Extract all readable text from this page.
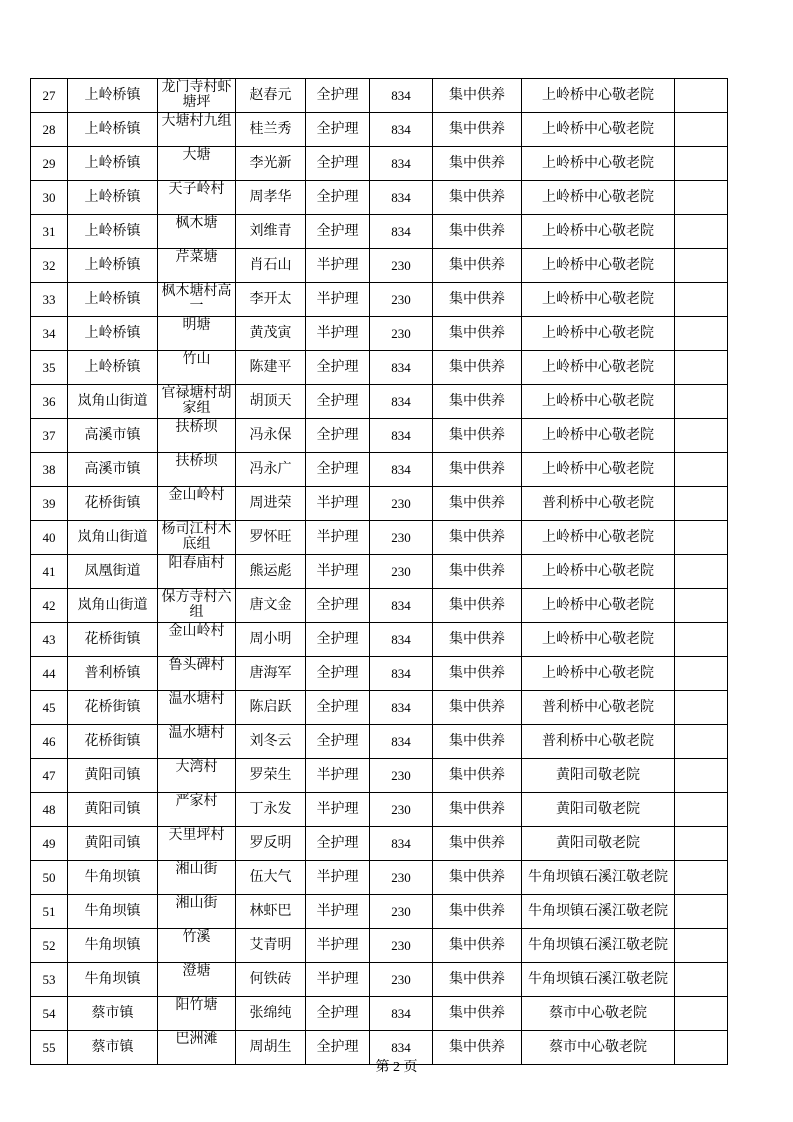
27	上岭桥镇	龙门寺村虾塘坪	赵春元	全护理	834	集中供养	上岭桥中心敬老院	
28	上岭桥镇	大塘村九组	桂兰秀	全护理	834	集中供养	上岭桥中心敬老院	
29	上岭桥镇	大塘	李光新	全护理	834	集中供养	上岭桥中心敬老院	
30	上岭桥镇	天子岭村	周孝华	全护理	834	集中供养	上岭桥中心敬老院	
31	上岭桥镇	枫木塘	刘维青	全护理	834	集中供养	上岭桥中心敬老院	
32	上岭桥镇	芹菜塘	肖石山	半护理	230	集中供养	上岭桥中心敬老院	
33	上岭桥镇	枫木塘村高一	李开太	半护理	230	集中供养	上岭桥中心敬老院	
34	上岭桥镇	明塘	黄茂寅	半护理	230	集中供养	上岭桥中心敬老院	
35	上岭桥镇	竹山	陈建平	全护理	834	集中供养	上岭桥中心敬老院	
36	岚角山街道	官禄塘村胡家组	胡顶天	全护理	834	集中供养	上岭桥中心敬老院	
37	高溪市镇	扶桥坝	冯永保	全护理	834	集中供养	上岭桥中心敬老院	
38	高溪市镇	扶桥坝	冯永广	全护理	834	集中供养	上岭桥中心敬老院	
39	花桥街镇	金山岭村	周进荣	半护理	230	集中供养	普利桥中心敬老院	
40	岚角山街道	杨司江村木底组	罗怀旺	半护理	230	集中供养	上岭桥中心敬老院	
41	凤凰街道	阳春庙村	熊运彪	半护理	230	集中供养	上岭桥中心敬老院	
42	岚角山街道	保方寺村六组	唐文金	全护理	834	集中供养	上岭桥中心敬老院	
43	花桥街镇	金山岭村	周小明	全护理	834	集中供养	上岭桥中心敬老院	
44	普利桥镇	鲁头碑村	唐海军	全护理	834	集中供养	上岭桥中心敬老院	
45	花桥街镇	温水塘村	陈启跃	全护理	834	集中供养	普利桥中心敬老院	
46	花桥街镇	温水塘村	刘冬云	全护理	834	集中供养	普利桥中心敬老院	
47	黄阳司镇	大湾村	罗荣生	半护理	230	集中供养	黄阳司敬老院	
48	黄阳司镇	严家村	丁永发	半护理	230	集中供养	黄阳司敬老院	
49	黄阳司镇	天里坪村	罗反明	全护理	834	集中供养	黄阳司敬老院	
50	牛角坝镇	湘山街	伍大气	半护理	230	集中供养	牛角坝镇石溪江敬老院	
51	牛角坝镇	湘山街	林虾巴	半护理	230	集中供养	牛角坝镇石溪江敬老院	
52	牛角坝镇	竹溪	艾青明	半护理	230	集中供养	牛角坝镇石溪江敬老院	
53	牛角坝镇	澄塘	何铁砖	半护理	230	集中供养	牛角坝镇石溪江敬老院	
54	蔡市镇	阳竹塘	张绵纯	全护理	834	集中供养	蔡市中心敬老院	
55	蔡市镇	巴洲滩	周胡生	全护理	834	集中供养	蔡市中心敬老院	
第 2 页
